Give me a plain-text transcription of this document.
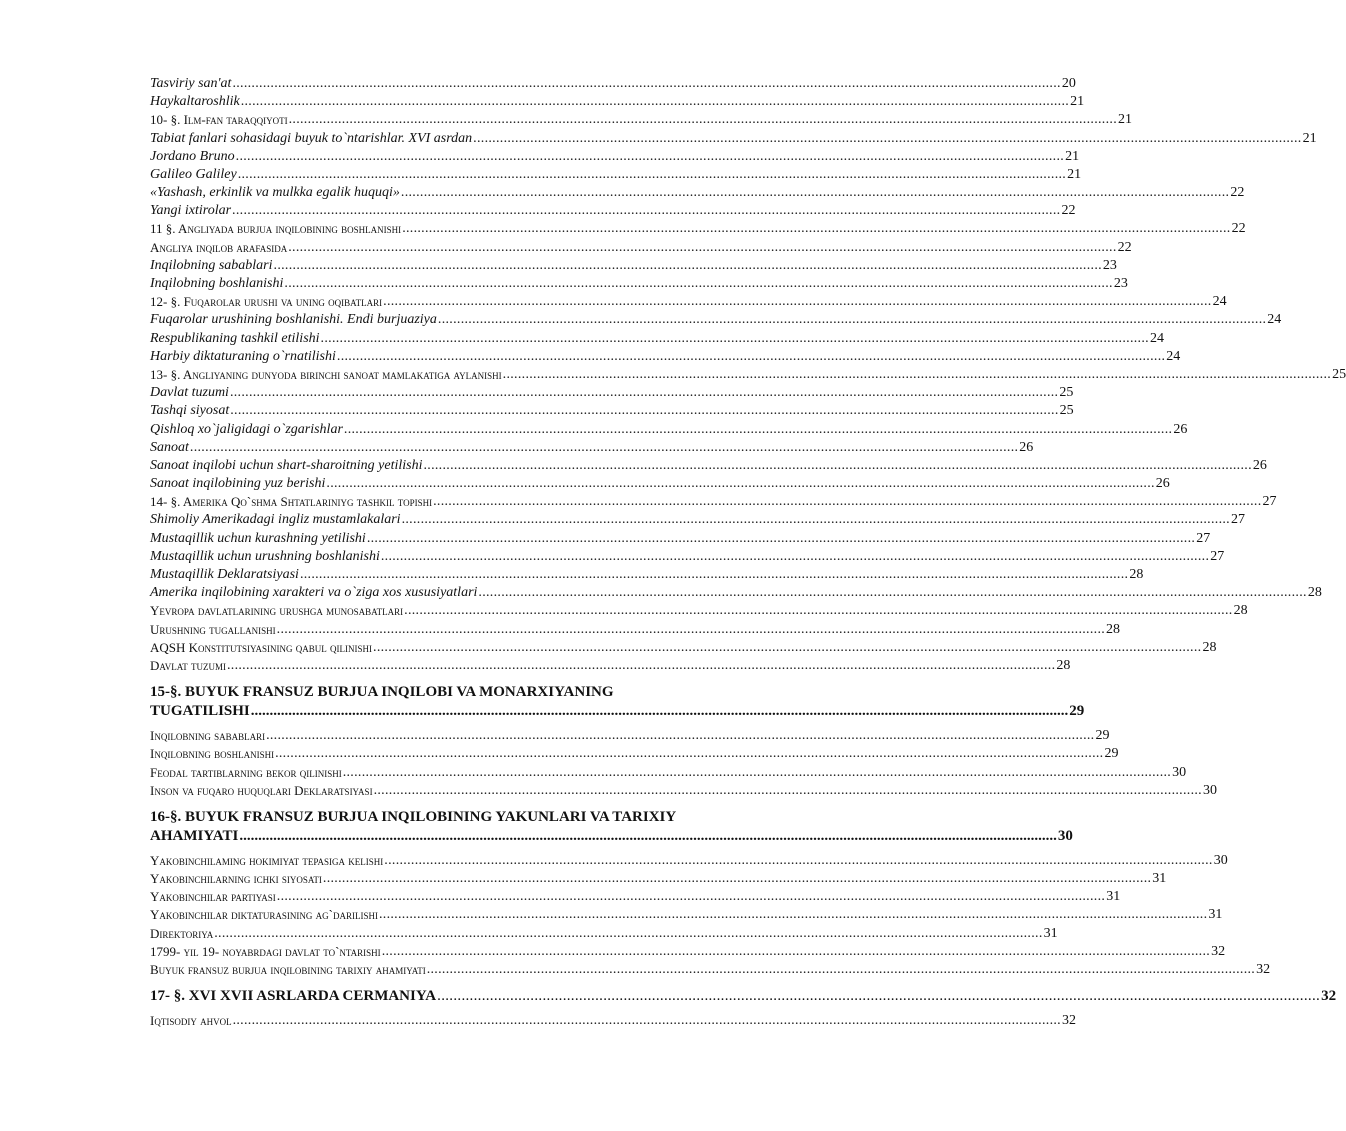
Tasviriy san'at .....	20
Haykaltaroshlik .....	21
10- §. Ilm-fan taraqqiyoti .....	21
Tabiat fanlari sohasidagi buyuk to`ntarishlar. XVI asrdan .....	21
Jordano Bruno .....	21
Galileo Galiley .....	21
«Yashash, erkinlik va mulkka egalik huquqi» .....	22
Yangi ixtirolar .....	22
11 §. Angliyada burjua inqilobining boshlanishi .....	22
Angliya inqilob arafasida .....	22
Inqilobning sabablari .....	23
Inqilobning boshlanishi .....	23
12- §. Fuqarolar urushi va uning oqibatlari .....	24
Fuqarolar urushining boshlanishi. Endi burjuaziya .....	24
Respublikaning tashkil etilishi .....	24
Harbiy diktaturaning o`rnatilishi .....	24
13- §. Angliyaning dunyoda birinchi sanoat mamlakatiga aylanishi .....	25
Davlat tuzumi .....	25
Tashqi siyosat .....	25
Qishloq xo`jaligidagi o`zgarishlar .....	26
Sanoat .....	26
Sanoat inqilobi uchun shart-sharoitning yetilishi .....	26
Sanoat inqilobining yuz berishi .....	26
14- §. Amerika Qo`shma Shtatlariniyg tashkil topishi .....	27
Shimoliy Amerikadagi ingliz mustamlakalari .....	27
Mustaqillik uchun kurashning yetilishi .....	27
Mustaqillik uchun urushning boshlanishi .....	27
Mustaqillik Deklaratsiyasi .....	28
Amerika inqilobining xarakteri va o`ziga xos xususiyatlari .....	28
Yevropa davlatlarining urushga munosabatlari .....	28
Urushning tugallanishi .....	28
AQSH Konstitutsiyasining qabul qilinishi .....	28
Davlat tuzumi .....	28
15-§. BUYUK FRANSUZ BURJUA INQILOBI VA MONARXIYANING
TUGATILISHI .....	29
Inqilobning sabablari .....	29
Inqilobning boshlanishi .....	29
Feodal tartiblarning bekor qilinishi .....	30
Inson va fuqaro huquqlari Deklaratsiyasi .....	30
16-§. BUYUK FRANSUZ BURJUA INQILOBINING YAKUNLARI VA TARIXIY
AHAMIYATI .....	30
Yakobinchilaming hokimiyat tepasiga kelishi .....	30
Yakobinchilarning ichki siyosati .....	31
Yakobinchilar partiyasi .....	31
Yakobinchilar diktaturasining ag`darilishi .....	31
Direktoriya .....	31
1799- yil 19- noyabrdagi davlat to`ntarishi .....	32
Buyuk fransuz burjua inqilobining tarixiy ahamiyati .....	32
17- §. XVI XVII ASRLARDA CERMANIYA .....	32
Iqtisodiy ahvol .....	32
